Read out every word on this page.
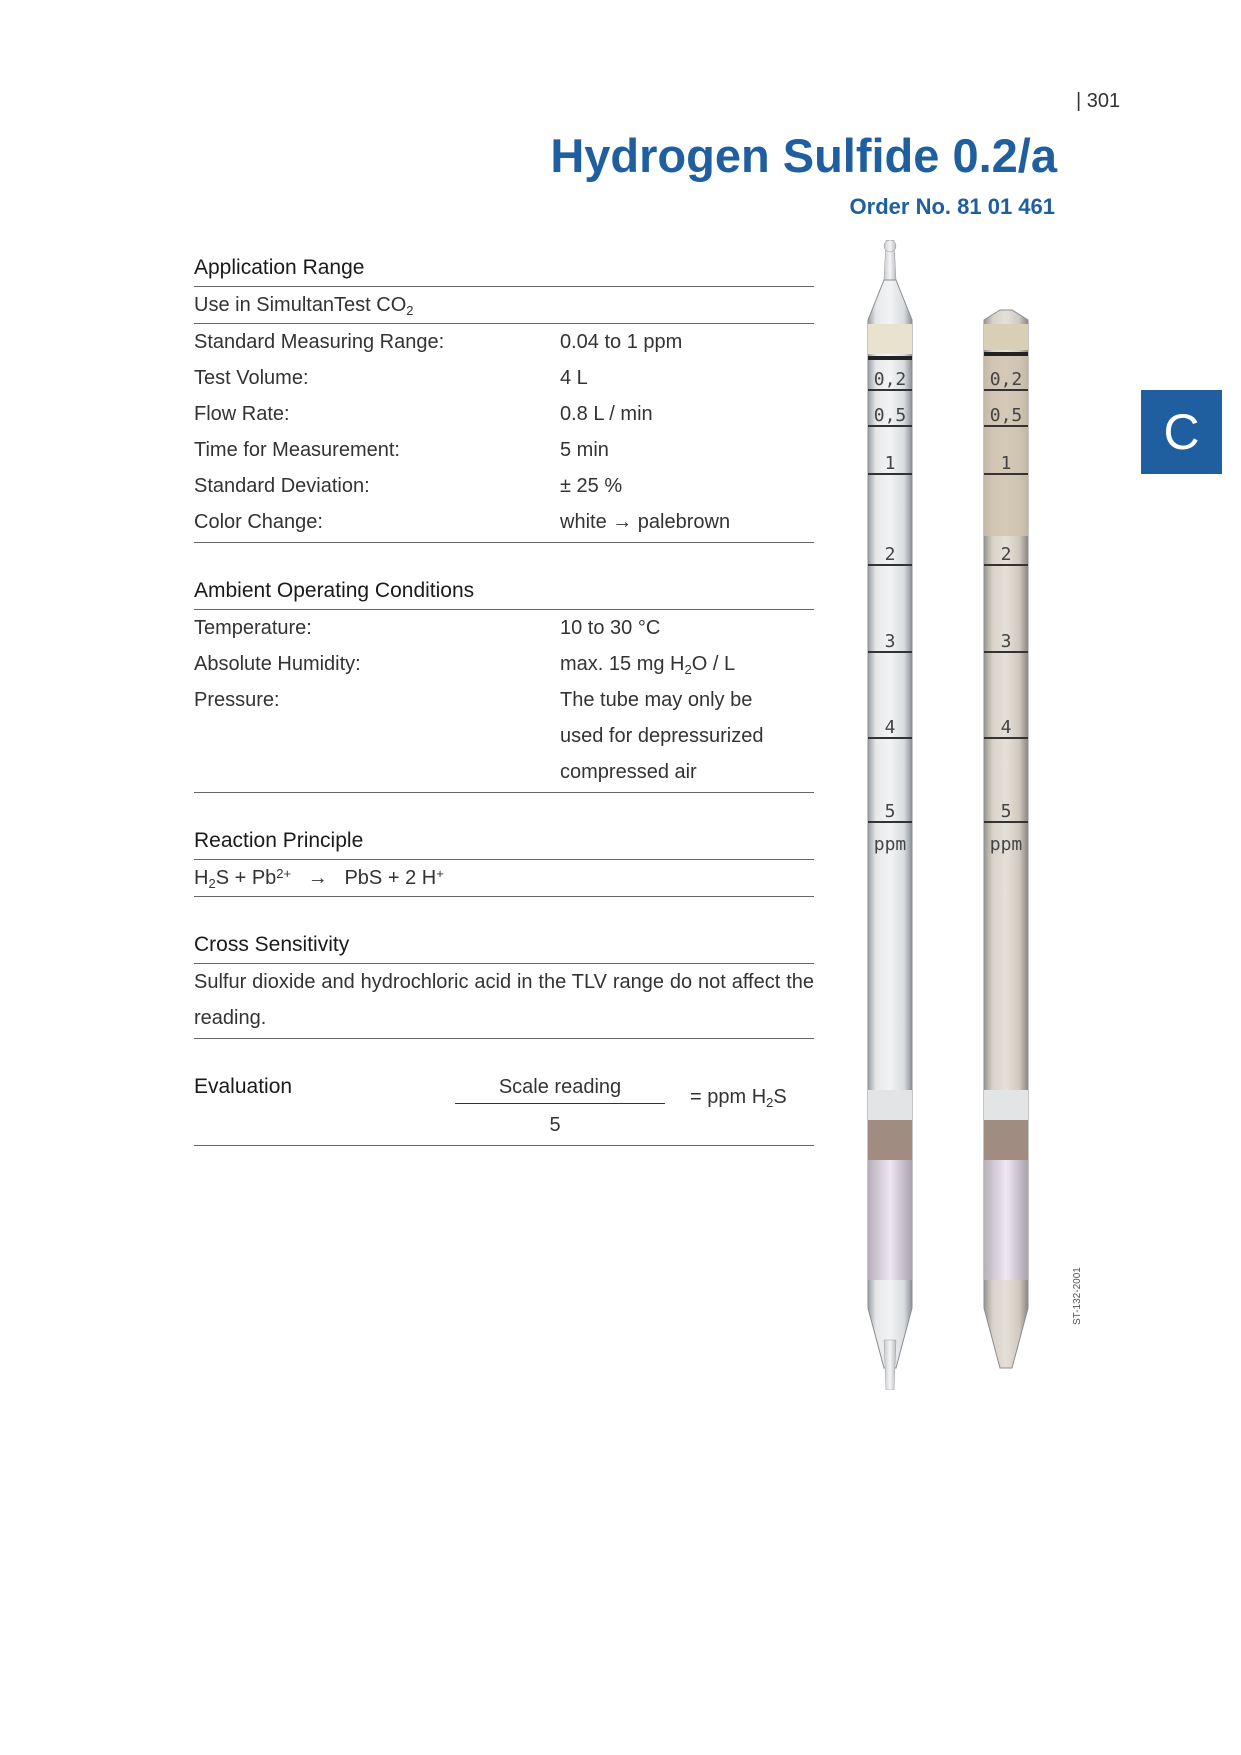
| 301
Hydrogen Sulfide 0.2/a
Order No. 81 01 461
C
Application Range
Use in SimultanTest $CO_2$
Standard Measuring Range:	0.04 to 1 ppm
Test Volume:	4 L
Flow Rate:	0.8 L / min
Time for Measurement:	5 min
Standard Deviation:	± 25 %
Color Change:	white → palebrown
Ambient Operating Conditions
Temperature:	10 to 30 °C
Absolute Humidity:	max. 15 mg $H_2O$ / L
Pressure:	The tube may only be
used for depressurized
compressed air
Reaction Principle
$H_2S + Pb^{2+}$ → PbS + 2 H+
Cross Sensitivity
Sulfur dioxide and hydrochloric acid in the TLV range do not affect the reading.
Evaluation	Scale reading
5
= ppm $H_2S$
0,2
0,5
1
2
3
4
5
ppm
0,2
0,5
1
2
3
4
5
ppm
ST-132-2001
